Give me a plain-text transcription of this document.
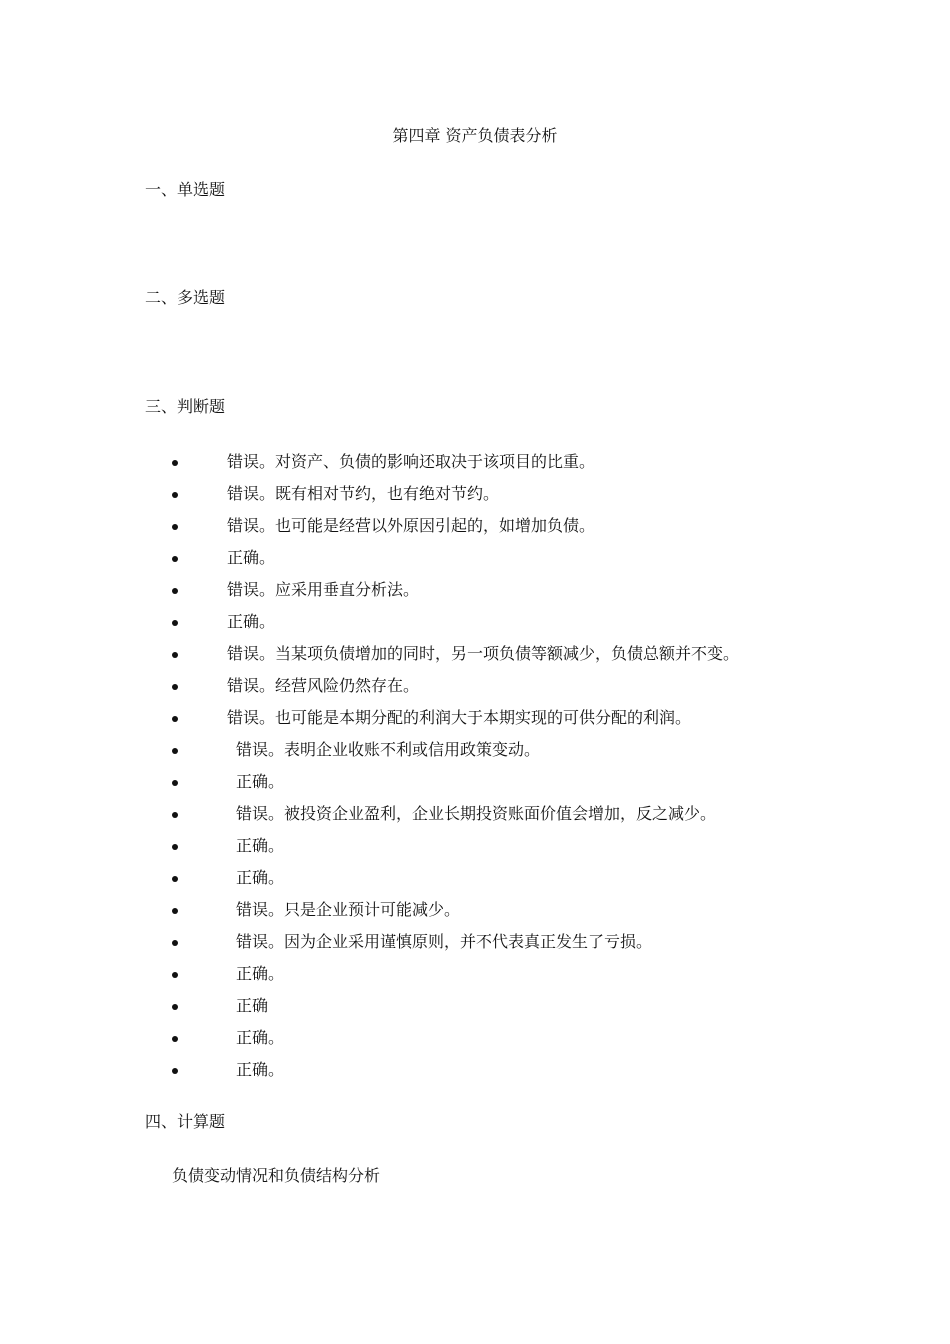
第四章 资产负债表分析
一、单选题
二、多选题
三、判断题
错误。对资产、负债的影响还取决于该项目的比重。
错误。既有相对节约，也有绝对节约。
错误。也可能是经营以外原因引起的，如增加负债。
正确。
错误。应采用垂直分析法。
正确。
错误。当某项负债增加的同时，另一项负债等额减少，负债总额并不变。
错误。经营风险仍然存在。
错误。也可能是本期分配的利润大于本期实现的可供分配的利润。
错误。表明企业收账不利或信用政策变动。
正确。
错误。被投资企业盈利，企业长期投资账面价值会增加，反之减少。
正确。
正确。
错误。只是企业预计可能减少。
错误。因为企业采用谨慎原则，并不代表真正发生了亏损。
正确。
正确
正确。
正确。
四、计算题
负债变动情况和负债结构分析
